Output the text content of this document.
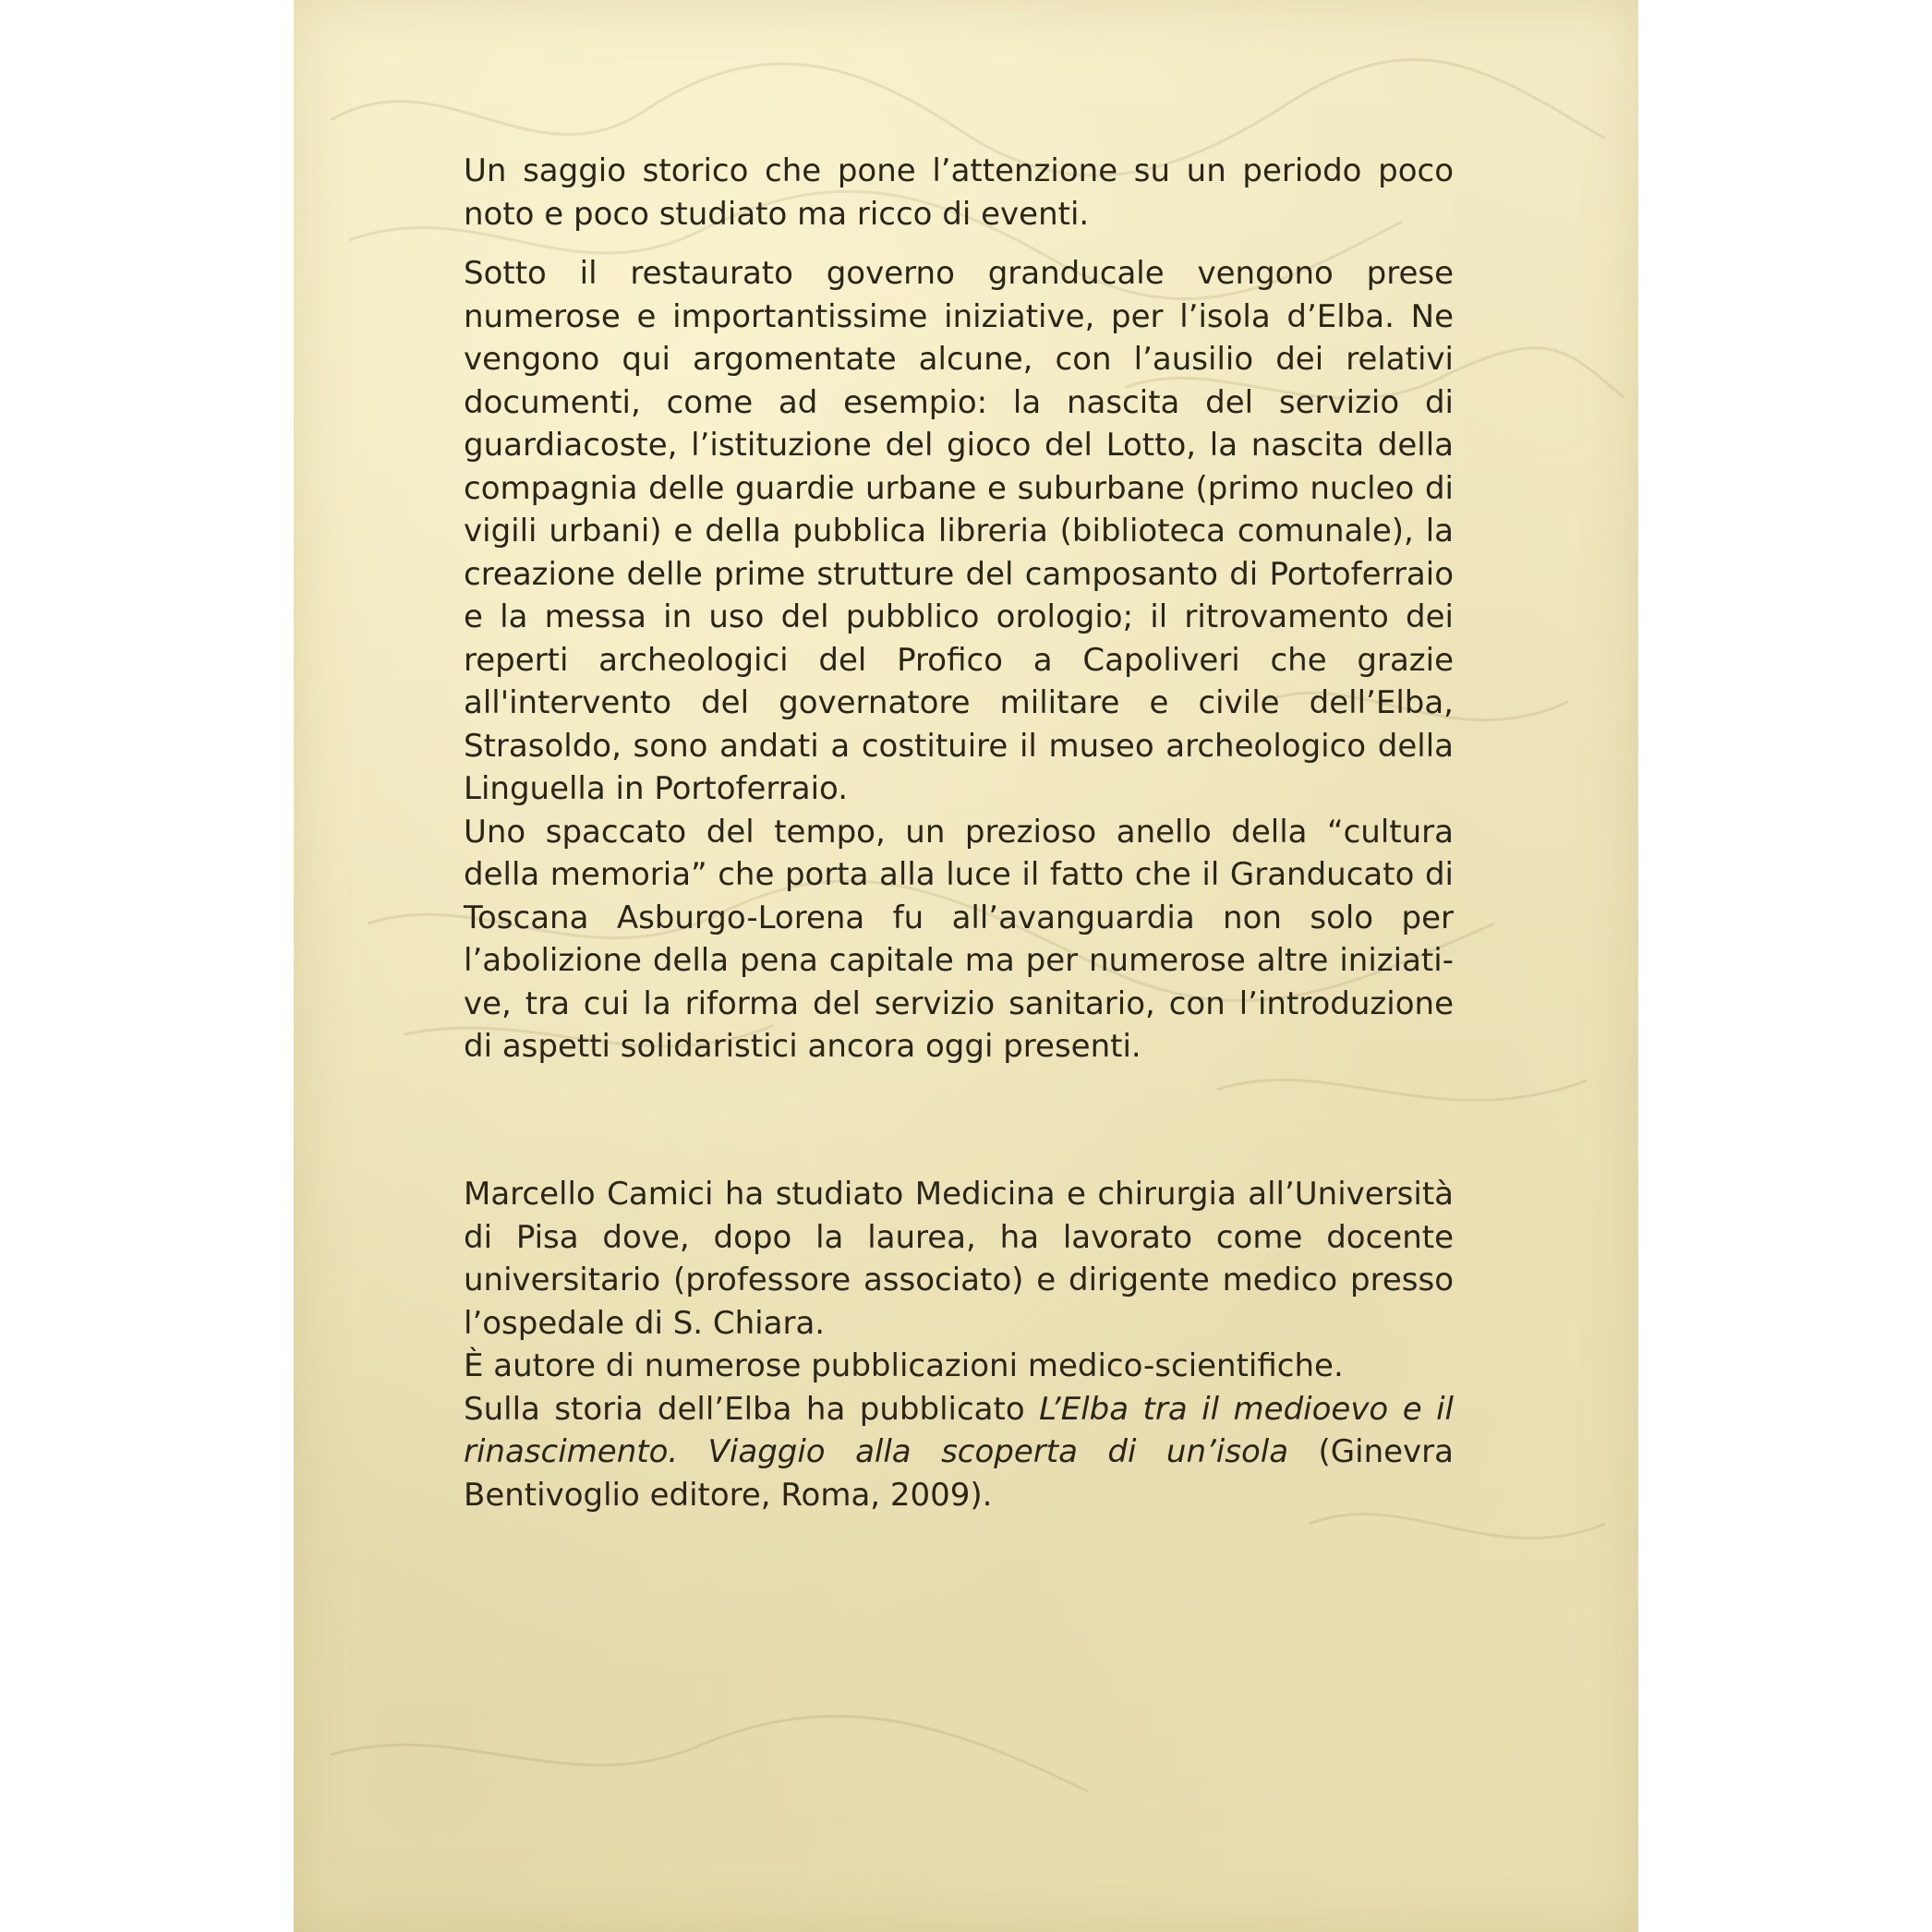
Un saggio storico che pone l’attenzione su un periodo poco noto e poco studiato ma ricco di eventi.

Sotto il restaurato governo granducale vengono prese numerose e importantissime iniziative, per l’isola d’Elba. Ne vengono qui argomentate alcune, con l’ausilio dei relativi documenti, come ad esempio: la nascita del servizio di guardiacoste, l’istituzione del gioco del Lotto, la nascita della compagnia delle guardie urbane e suburbane (primo nucleo di vigili urbani) e della pubblica libreria (biblioteca comunale), la creazione delle prime strutture del camposanto di Portoferraio e la messa in uso del pubblico orologio; il ritrovamento dei reperti archeologici del Profico a Capoliveri che grazie all'intervento del governatore militare e civile dell’Elba, Strasoldo, sono andati a costituire il museo archeologico della Linguella in Portoferraio.

Uno spaccato del tempo, un prezioso anello della “cultura della memoria” che porta alla luce il fatto che il Granducato di Toscana Asburgo-Lorena fu all’avanguardia non solo per l’abolizione della pena capitale ma per numerose altre iniziative, tra cui la riforma del servizio sanitario, con l’introduzione di aspetti solidaristici ancora oggi presenti.

Marcello Camici ha studiato Medicina e chirurgia all’Università di Pisa dove, dopo la laurea, ha lavorato come docente universitario (professore associato) e dirigente medico presso l’ospedale di S. Chiara.

È autore di numerose pubblicazioni medico-scientifiche.

Sulla storia dell’Elba ha pubblicato L’Elba tra il medioevo e il rinascimento. Viaggio alla scoperta di un’isola (Ginevra Bentivoglio editore, Roma, 2009).
